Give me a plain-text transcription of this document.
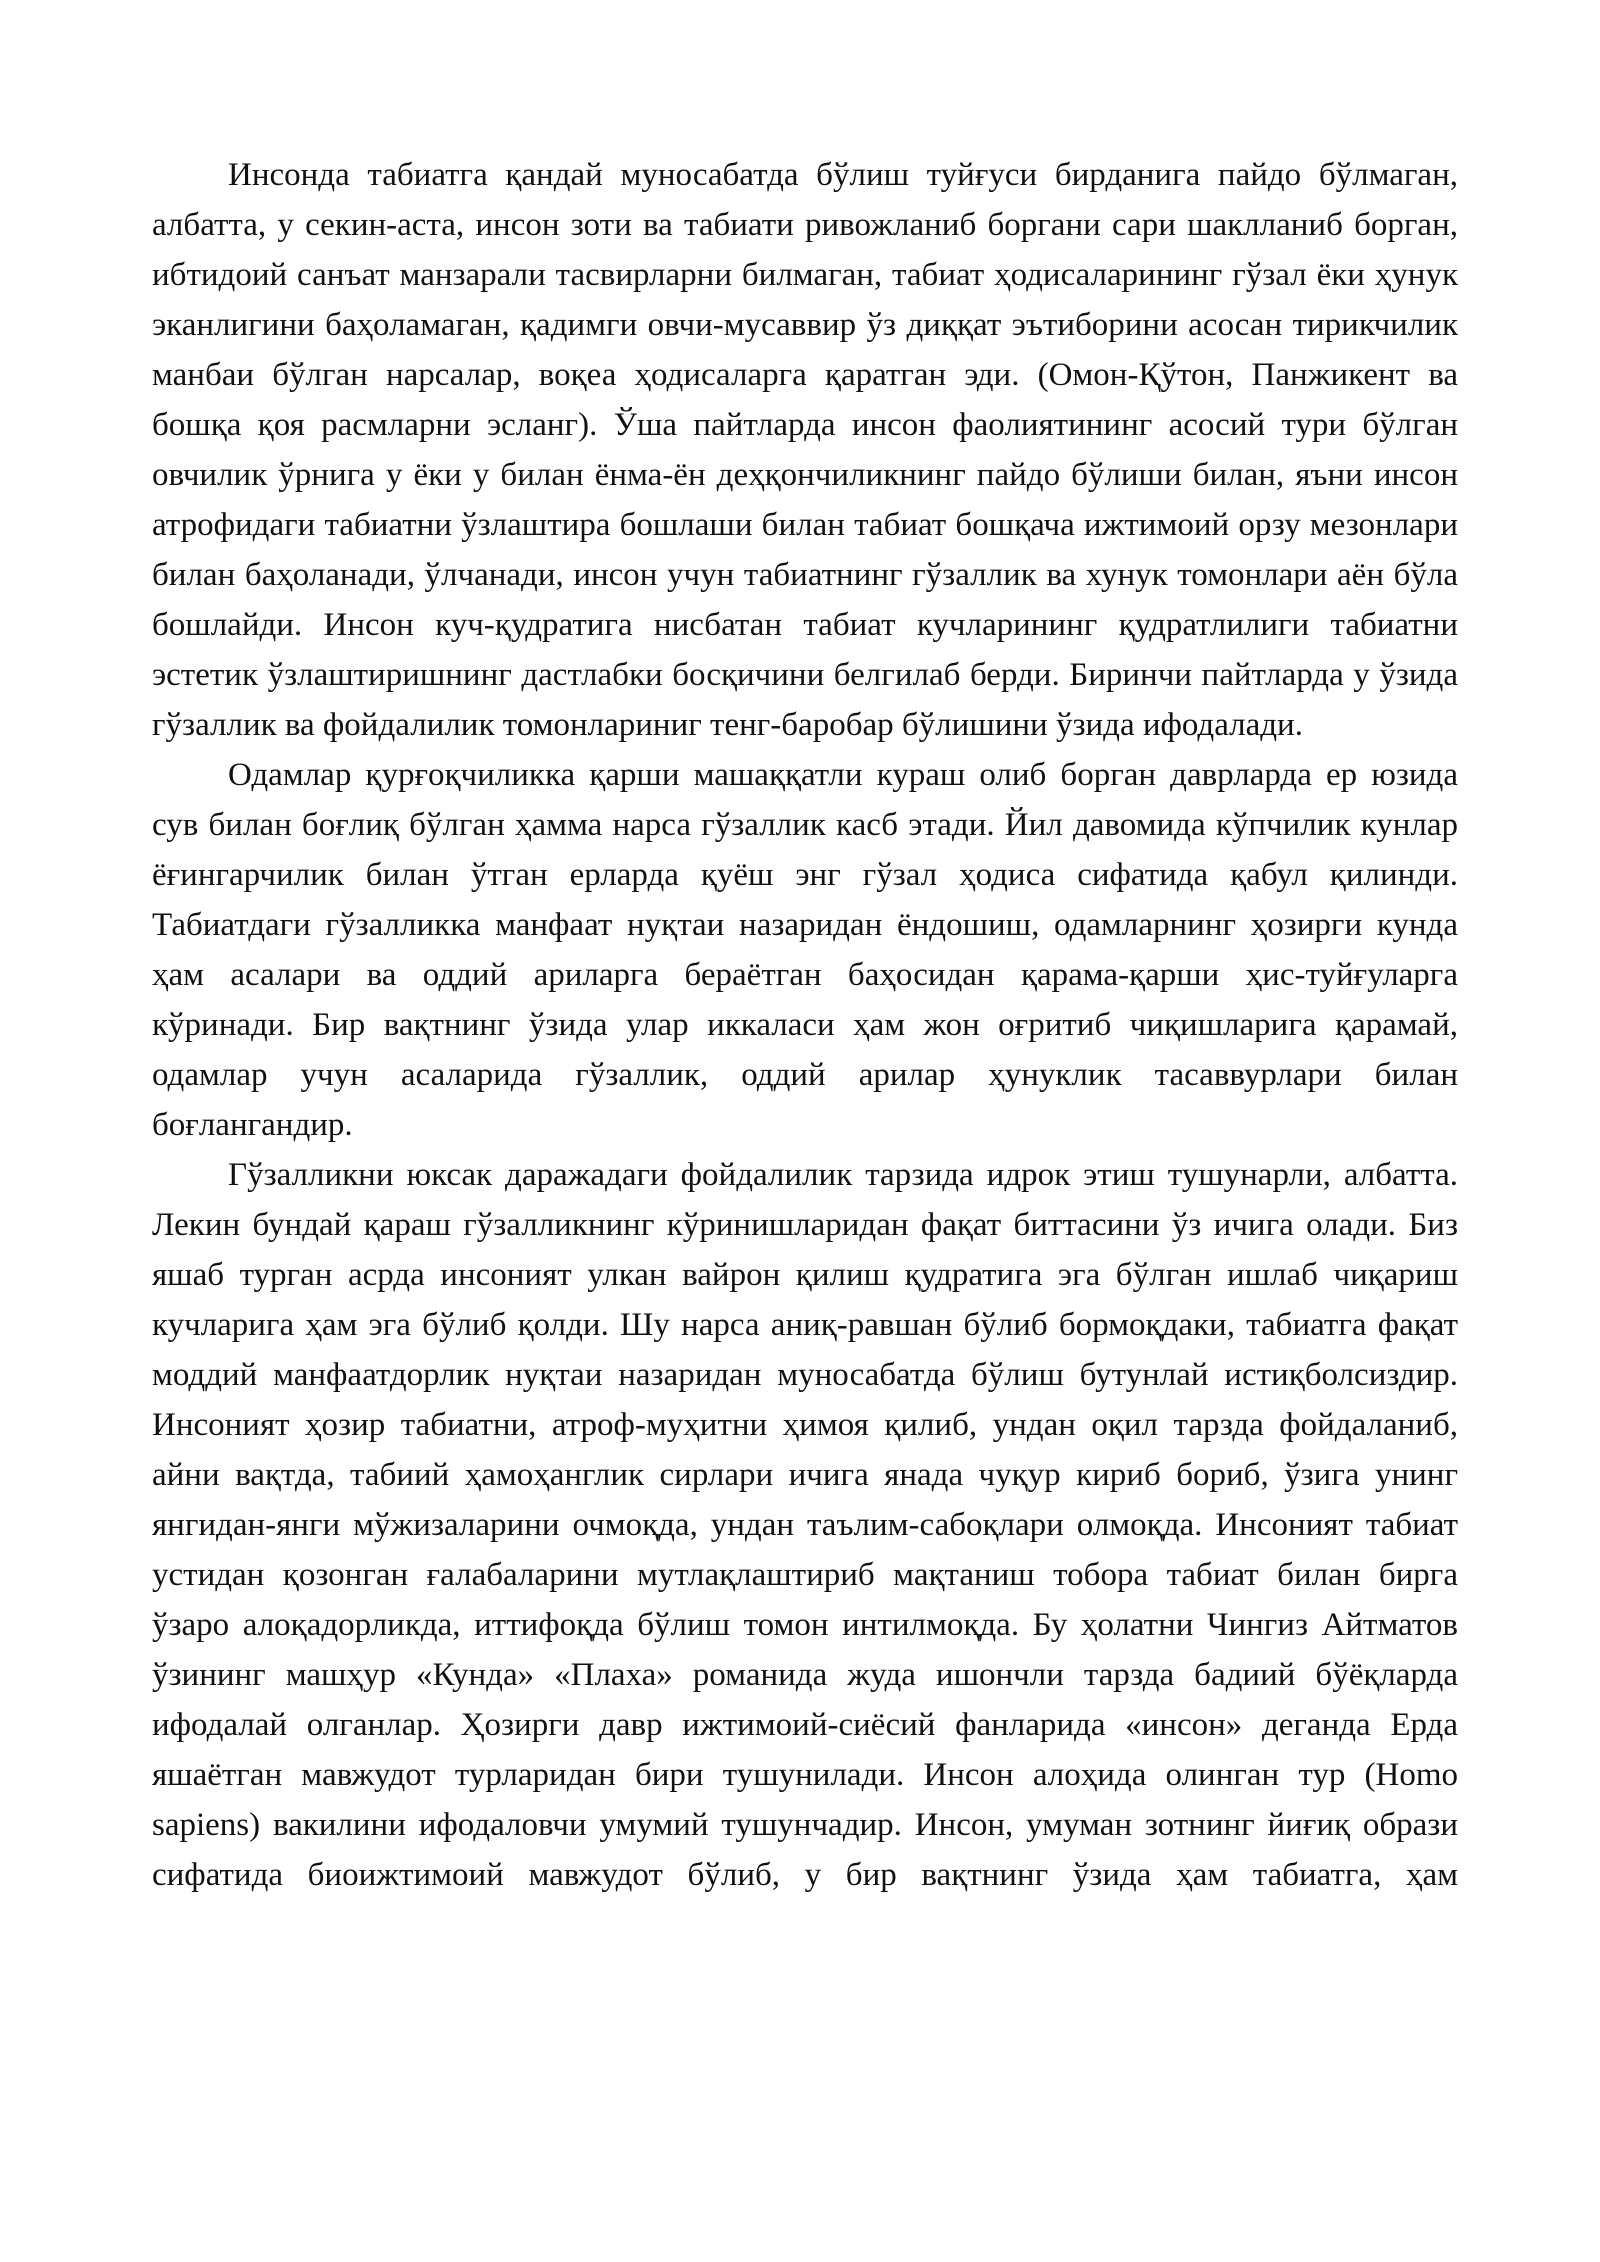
Инсонда табиатга қандай муносабатда бўлиш туйғуси бирданига пайдо бўлмаган, албатта, у секин-аста, инсон зоти ва табиати ривожланиб боргани сари шаклланиб борган, ибтидоий санъат манзарали тасвирларни билмаган, табиат ҳодисаларининг гўзал ёки ҳунук эканлигини баҳоламаган, қадимги овчи-мусаввир ўз диққат эътиборини асосан тирикчилик манбаи бўлган нарсалар, воқеа ҳодисаларга қаратган эди. (Омон-Қўтон, Панжикент ва бошқа қоя расмларни эсланг). Ўша пайтларда инсон фаолиятининг асосий тури бўлган овчилик ўрнига у ёки у билан ёнма-ён деҳқончиликнинг пайдо бўлиши билан, яъни инсон атрофидаги табиатни ўзлаштира бошлаши билан табиат бошқача ижтимоий орзу мезонлари билан баҳоланади, ўлчанади, инсон учун табиатнинг гўзаллик ва хунук томонлари аён бўла бошлайди. Инсон куч-қудратига нисбатан табиат кучларининг қудратлилиги табиатни эстетик ўзлаштиришнинг дастлабки босқичини белгилаб берди. Биринчи пайтларда у ўзида гўзаллик ва фойдалилик томонлариниг тенг-баробар бўлишини ўзида ифодалади.

Одамлар қурғоқчиликка қарши машаққатли кураш олиб борган даврларда ер юзида сув билан боғлиқ бўлган ҳамма нарса гўзаллик касб этади. Йил давомида кўпчилик кунлар ёғингарчилик билан ўтган ерларда қуёш энг гўзал ҳодиса сифатида қабул қилинди. Табиатдаги гўзалликка манфаат нуқтаи назаридан ёндошиш, одамларнинг ҳозирги кунда ҳам асалари ва оддий ариларга бераётган баҳосидан қарама-қарши ҳис-туйғуларга кўринади. Бир вақтнинг ўзида улар иккаласи ҳам жон оғритиб чиқишларига қарамай, одамлар учун асаларида гўзаллик, оддий арилар ҳунуклик тасаввурлари билан боғлангандир.

Гўзалликни юксак даражадаги фойдалилик тарзида идрок этиш тушунарли, албатта. Лекин бундай қараш гўзалликнинг кўринишларидан фақат биттасини ўз ичига олади. Биз яшаб турган асрда инсоният улкан вайрон қилиш қудратига эга бўлган ишлаб чиқариш кучларига ҳам эга бўлиб қолди. Шу нарса аниқ-равшан бўлиб бормоқдаки, табиатга фақат моддий манфаатдорлик нуқтаи назаридан муносабатда бўлиш бутунлай истиқболсиздир. Инсоният ҳозир табиатни, атроф-муҳитни ҳимоя қилиб, ундан оқил тарзда фойдаланиб, айни вақтда, табиий ҳамоҳанглик сирлари ичига янада чуқур кириб бориб, ўзига унинг янгидан-янги мўжизаларини очмоқда, ундан таълим-сабоқлари олмоқда. Инсоният табиат устидан қозонган ғалабаларини мутлақлаштириб мақтаниш тобора табиат билан бирга ўзаро алоқадорликда, иттифоқда бўлиш томон интилмоқда. Бу ҳолатни Чингиз Айтматов ўзининг машҳур «Кунда» «Плаха» романида жуда ишончли тарзда бадиий бўёқларда ифодалай олганлар. Ҳозирги давр ижтимоий-сиёсий фанларида «инсон» деганда Ерда яшаётган мавжудот турларидан бири тушунилади. Инсон алоҳида олинган тур (Homo sapiens) вакилини ифодаловчи умумий тушунчадир. Инсон, умуман зотнинг йиғиқ образи сифатида биоижтимоий мавжудот бўлиб, у бир вақтнинг ўзида ҳам табиатга, ҳам
